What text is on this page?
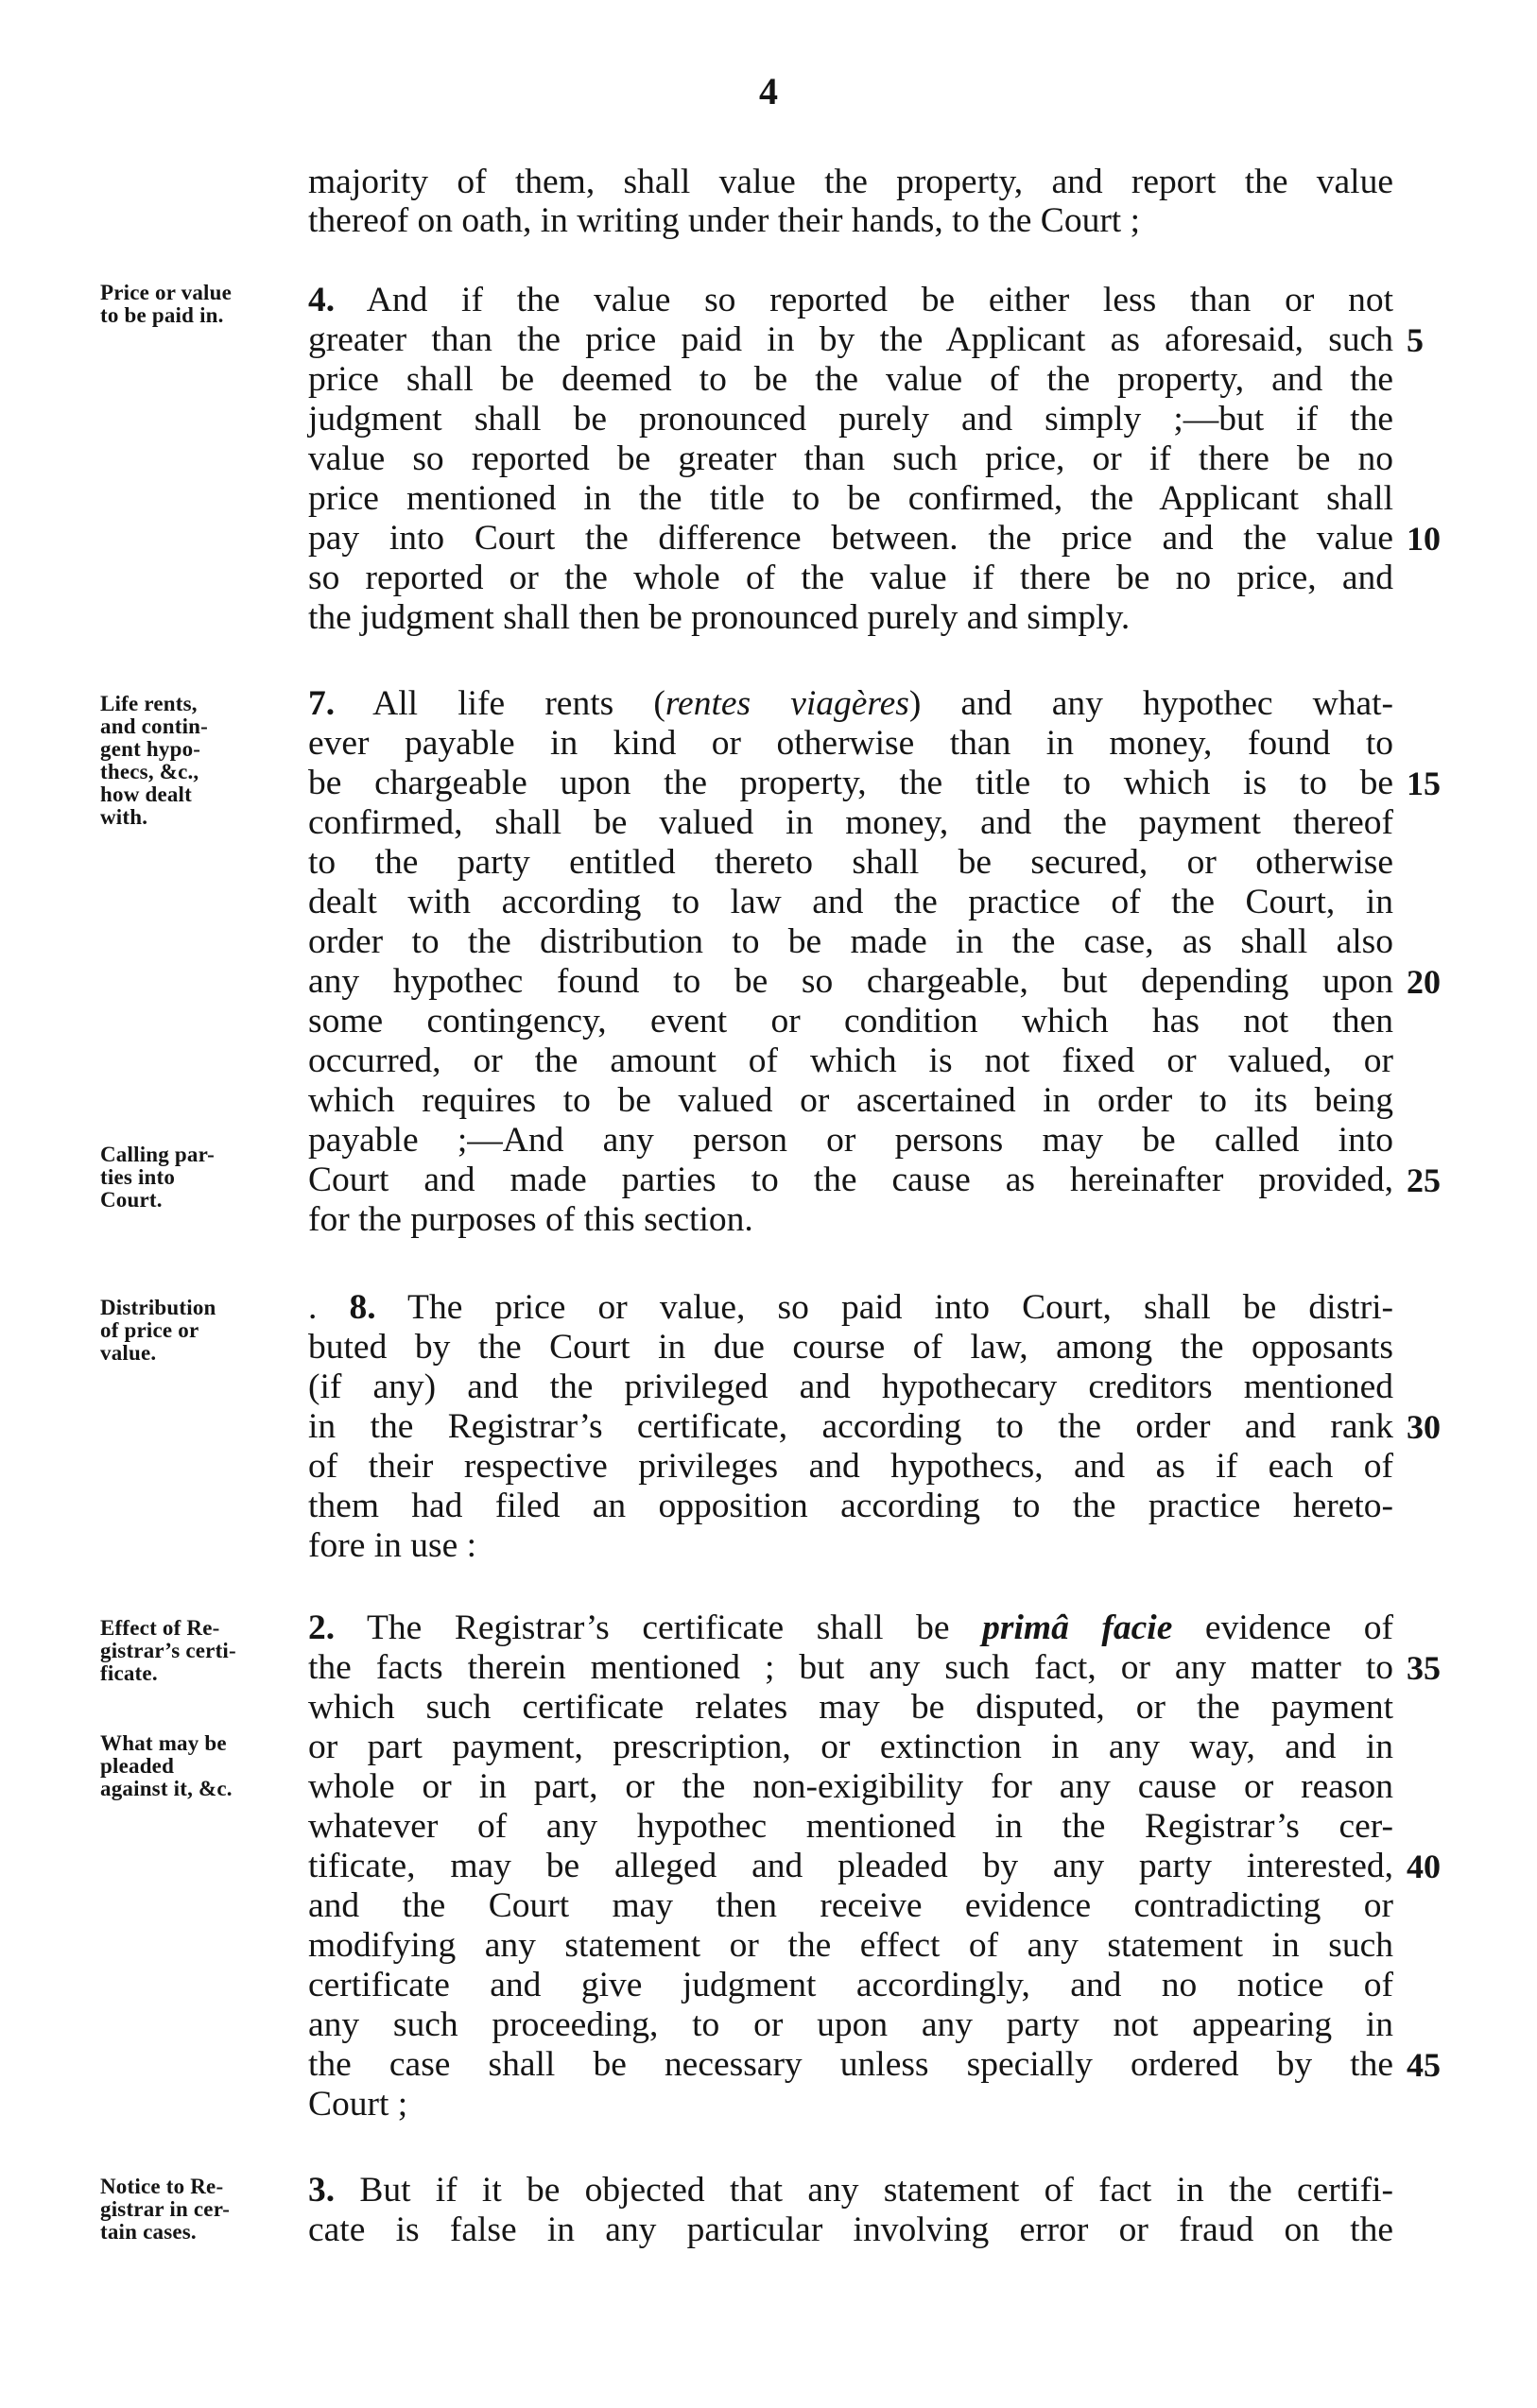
4
majority of them, shall value the property, and report the value
thereof on oath, in writing under their hands, to the Court ;
4. And if the value so reported be either less than or not
greater than the price paid in by the Applicant as aforesaid, such 5
price shall be deemed to be the value of the property, and the
judgment shall be pronounced purely and simply ;—but if the
value so reported be greater than such price, or if there be no
price mentioned in the title to be confirmed, the Applicant shall
pay into Court the difference between. the price and the value 10
so reported or the whole of the value if there be no price, and
the judgment shall then be pronounced purely and simply.
7. All life rents (rentes viagères) and any hypothec what-
ever payable in kind or otherwise than in money, found to
be chargeable upon the property, the title to which is to be 15
confirmed, shall be valued in money, and the payment thereof
to the party entitled thereto shall be secured, or otherwise
dealt with according to law and the practice of the Court, in
order to the distribution to be made in the case, as shall also
any hypothec found to be so chargeable, but depending upon 20
some contingency, event or condition which has not then
occurred, or the amount of which is not fixed or valued, or
which requires to be valued or ascertained in order to its being
payable ;—And any person or persons may be called into
Court and made parties to the cause as hereinafter provided, 25
for the purposes of this section.
. 8. The price or value, so paid into Court, shall be distri-
buted by the Court in due course of law, among the opposants
(if any) and the privileged and hypothecary creditors mentioned
in the Registrar’s certificate, according to the order and rank 30
of their respective privileges and hypothecs, and as if each of
them had filed an opposition according to the practice hereto-
fore in use :
2. The Registrar’s certificate shall be primâ facie evidence of
the facts therein mentioned ; but any such fact, or any matter to 35
which such certificate relates may be disputed, or the payment
or part payment, prescription, or extinction in any way, and in
whole or in part, or the non-exigibility for any cause or reason
whatever of any hypothec mentioned in the Registrar’s cer-
tificate, may be alleged and pleaded by any party interested, 40
and the Court may then receive evidence contradicting or
modifying any statement or the effect of any statement in such
certificate and give judgment accordingly, and no notice of
any such proceeding, to or upon any party not appearing in
the case shall be necessary unless specially ordered by the 45
Court ;
3. But if it be objected that any statement of fact in the certifi-
cate is false in any particular involving error or fraud on the
Price or value
to be paid in.
Life rents,
and contin-
gent hypo-
thecs, &c.,
how dealt
with.
Calling par-
ties into
Court.
Distribution
of price or
value.
Effect of Re-
gistrar’s certi-
ficate.
What may be
pleaded
against it, &c.
Notice to Re-
gistrar in cer-
tain cases.
